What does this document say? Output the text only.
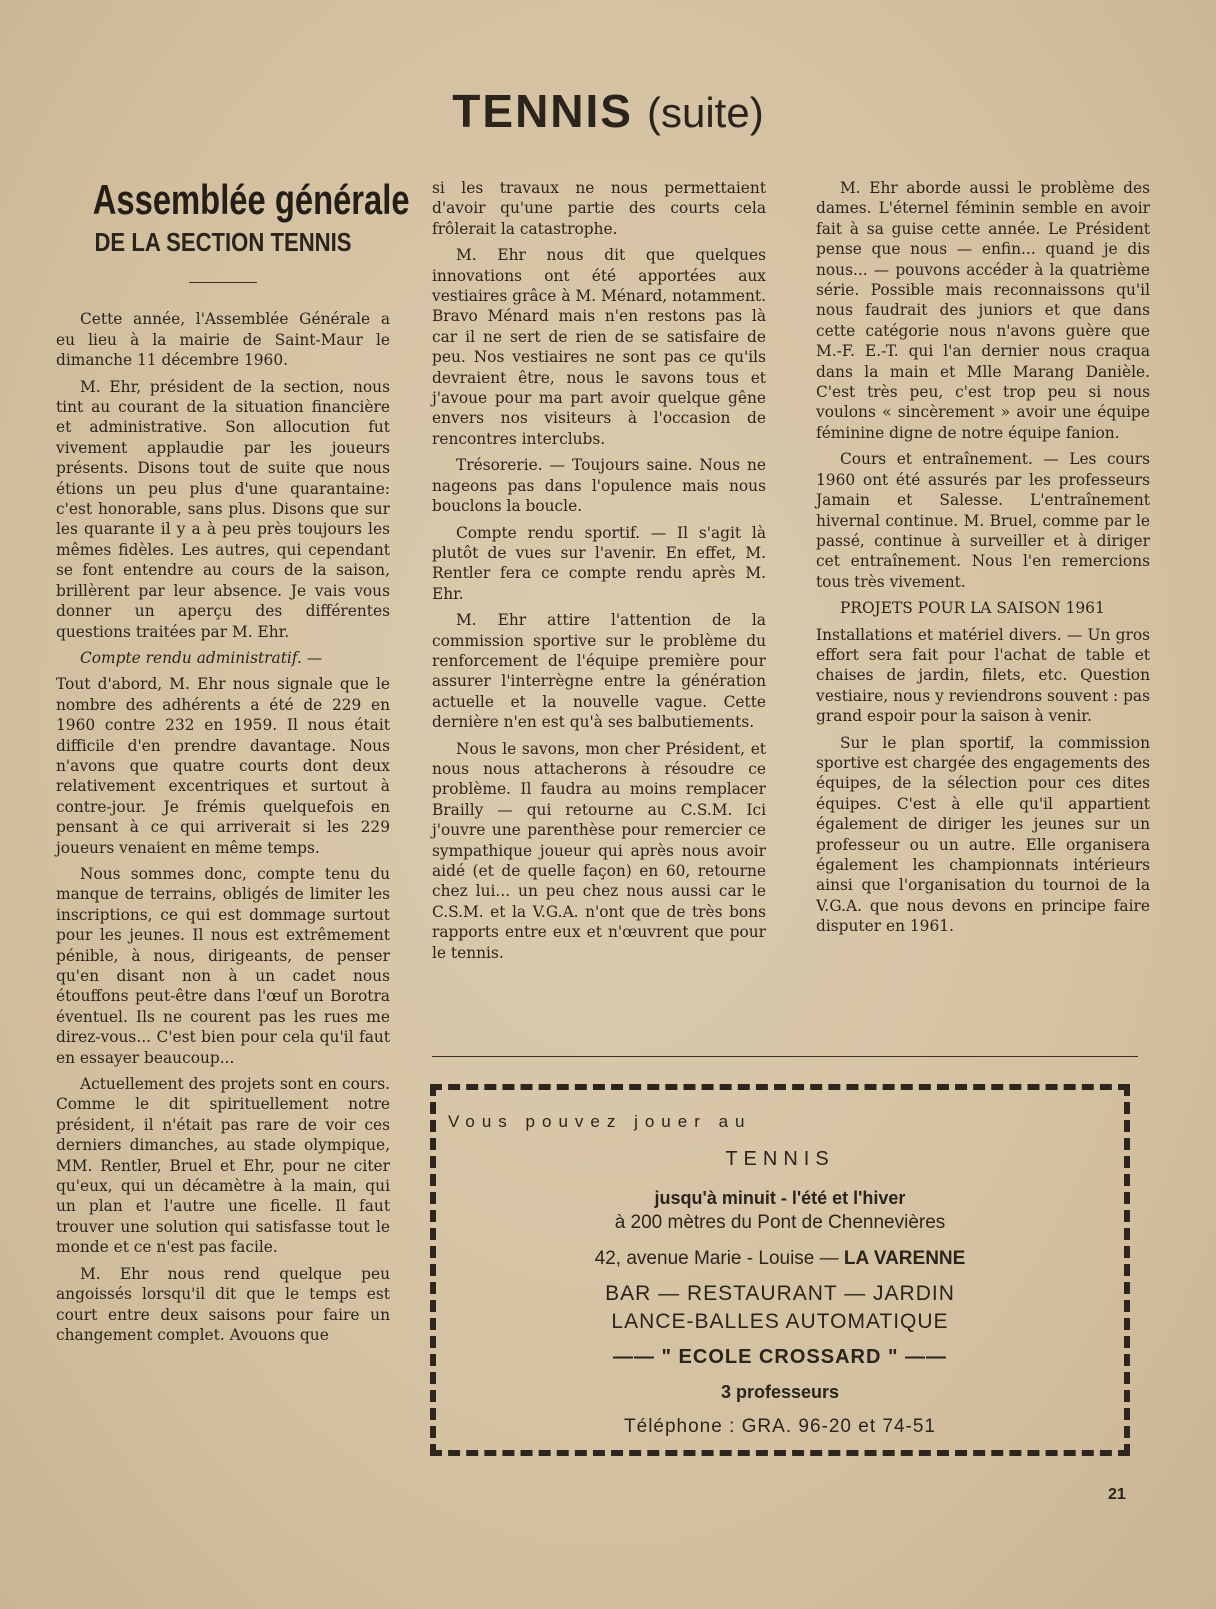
TENNIS (suite)
Assemblée générale
DE LA SECTION TENNIS

Cette année, l'Assemblée Générale a eu lieu à la mairie de Saint-Maur le dimanche 11 décembre 1960.

M. Ehr, président de la section, nous tint au courant de la situation financière et administrative. Son allocution fut vivement applaudie par les joueurs présents. Disons tout de suite que nous étions un peu plus d'une quarantaine: c'est honorable, sans plus. Disons que sur les quarante il y a à peu près toujours les mêmes fidèles. Les autres, qui cependant se font entendre au cours de la saison, brillèrent par leur absence. Je vais vous donner un aperçu des différentes questions traitées par M. Ehr.

Compte rendu administratif. —

Tout d'abord, M. Ehr nous signale que le nombre des adhérents a été de 229 en 1960 contre 232 en 1959. Il nous était difficile d'en prendre davantage. Nous n'avons que quatre courts dont deux relativement excentriques et surtout à contre-jour. Je frémis quelquefois en pensant à ce qui arriverait si les 229 joueurs venaient en même temps.

Nous sommes donc, compte tenu du manque de terrains, obligés de limiter les inscriptions, ce qui est dommage surtout pour les jeunes. Il nous est extrêmement pénible, à nous, dirigeants, de penser qu'en disant non à un cadet nous étouffons peut-être dans l'œuf un Borotra éventuel. Ils ne courent pas les rues me direz-vous... C'est bien pour cela qu'il faut en essayer beaucoup...

Actuellement des projets sont en cours. Comme le dit spirituellement notre président, il n'était pas rare de voir ces derniers dimanches, au stade olympique, MM. Rentler, Bruel et Ehr, pour ne citer qu'eux, qui un décamètre à la main, qui un plan et l'autre une ficelle. Il faut trouver une solution qui satisfasse tout le monde et ce n'est pas facile.

M. Ehr nous rend quelque peu angoissés lorsqu'il dit que le temps est court entre deux saisons pour faire un changement complet. Avouons que

si les travaux ne nous permettaient d'avoir qu'une partie des courts cela frôlerait la catastrophe.

M. Ehr nous dit que quelques innovations ont été apportées aux vestiaires grâce à M. Ménard, notamment. Bravo Ménard mais n'en restons pas là car il ne sert de rien de se satisfaire de peu. Nos vestiaires ne sont pas ce qu'ils devraient être, nous le savons tous et j'avoue pour ma part avoir quelque gêne envers nos visiteurs à l'occasion de rencontres interclubs.

Trésorerie. — Toujours saine. Nous ne nageons pas dans l'opulence mais nous bouclons la boucle.

Compte rendu sportif. — Il s'agit là plutôt de vues sur l'avenir. En effet, M. Rentler fera ce compte rendu après M. Ehr.

M. Ehr attire l'attention de la commission sportive sur le problème du renforcement de l'équipe première pour assurer l'interrègne entre la génération actuelle et la nouvelle vague. Cette dernière n'en est qu'à ses balbutiements.

Nous le savons, mon cher Président, et nous nous attacherons à résoudre ce problème. Il faudra au moins remplacer Brailly — qui retourne au C.S.M. Ici j'ouvre une parenthèse pour remercier ce sympathique joueur qui après nous avoir aidé (et de quelle façon) en 60, retourne chez lui... un peu chez nous aussi car le C.S.M. et la V.G.A. n'ont que de très bons rapports entre eux et n'œuvrent que pour le tennis.

M. Ehr aborde aussi le problème des dames. L'éternel féminin semble en avoir fait à sa guise cette année. Le Président pense que nous — enfin... quand je dis nous... — pouvons accéder à la quatrième série. Possible mais reconnaissons qu'il nous faudrait des juniors et que dans cette catégorie nous n'avons guère que M.-F. E.-T. qui l'an dernier nous craqua dans la main et Mlle Marang Danièle. C'est très peu, c'est trop peu si nous voulons « sincèrement » avoir une équipe féminine digne de notre équipe fanion.

Cours et entraînement. — Les cours 1960 ont été assurés par les professeurs Jamain et Salesse. L'entraînement hivernal continue. M. Bruel, comme par le passé, continue à surveiller et à diriger cet entraînement. Nous l'en remercions tous très vivement.

PROJETS POUR LA SAISON 1961

Installations et matériel divers. — Un gros effort sera fait pour l'achat de table et chaises de jardin, filets, etc. Question vestiaire, nous y reviendrons souvent : pas grand espoir pour la saison à venir.

Sur le plan sportif, la commission sportive est chargée des engagements des équipes, de la sélection pour ces dites équipes. C'est à elle qu'il appartient également de diriger les jeunes sur un professeur ou un autre. Elle organisera également les championnats intérieurs ainsi que l'organisation du tournoi de la V.G.A. que nous devons en principe faire disputer en 1961.

Vous pouvez jouer au
TENNIS
jusqu'à minuit - l'été et l'hiver
à 200 mètres du Pont de Chennevières
42, avenue Marie - Louise — LA VARENNE
BAR — RESTAURANT — JARDIN
LANCE-BALLES AUTOMATIQUE
—— " ECOLE CROSSARD " ——
3 professeurs
Téléphone : GRA. 96-20 et 74-51
21
